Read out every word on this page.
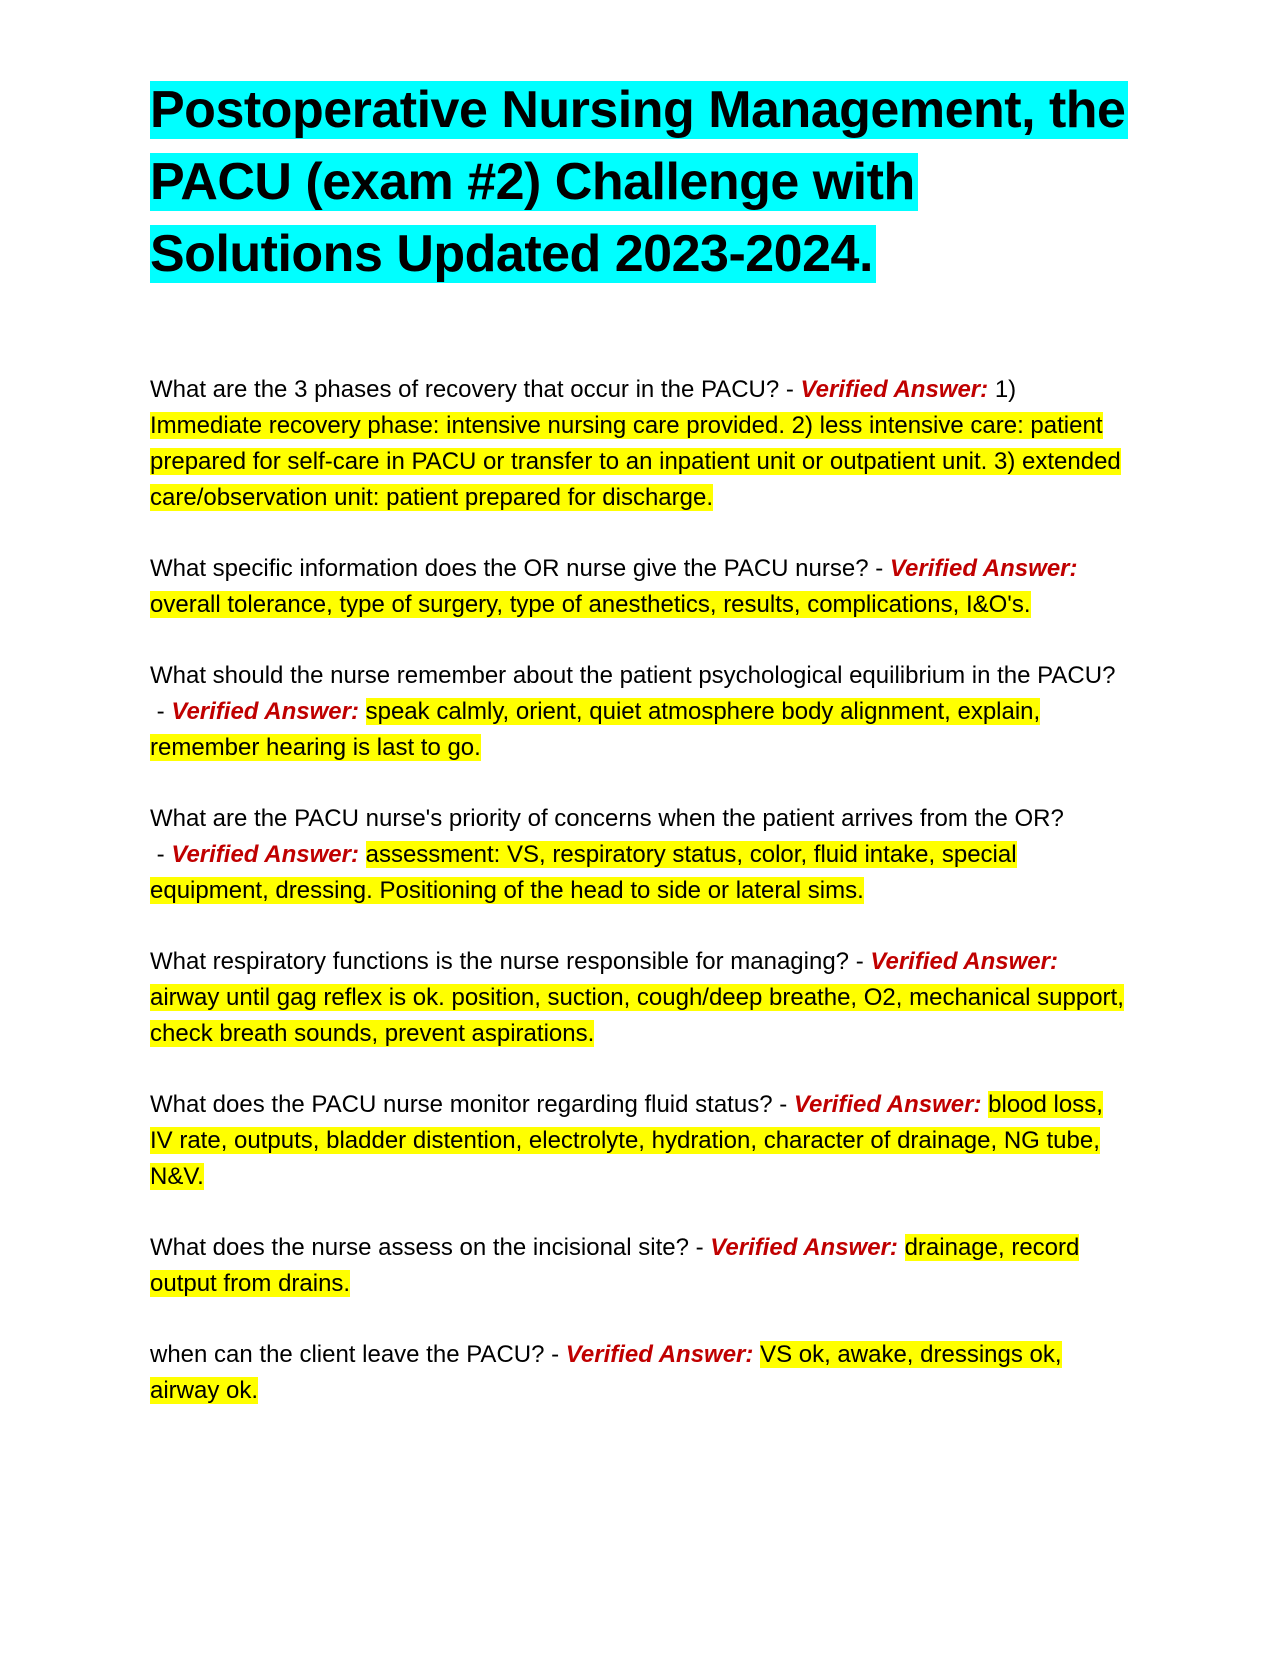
Postoperative Nursing Management, the PACU (exam #2) Challenge with Solutions Updated 2023-2024.

What are the 3 phases of recovery that occur in the PACU? - Verified Answer: 1) Immediate recovery phase: intensive nursing care provided. 2) less intensive care: patient prepared for self-care in PACU or transfer to an inpatient unit or outpatient unit. 3) extended care/observation unit: patient prepared for discharge.

What specific information does the OR nurse give the PACU nurse? - Verified Answer: overall tolerance, type of surgery, type of anesthetics, results, complications, I&O's.

What should the nurse remember about the patient psychological equilibrium in the PACU? - Verified Answer: speak calmly, orient, quiet atmosphere body alignment, explain, remember hearing is last to go.

What are the PACU nurse's priority of concerns when the patient arrives from the OR? - Verified Answer: assessment: VS, respiratory status, color, fluid intake, special equipment, dressing. Positioning of the head to side or lateral sims.

What respiratory functions is the nurse responsible for managing? - Verified Answer: airway until gag reflex is ok. position, suction, cough/deep breathe, O2, mechanical support, check breath sounds, prevent aspirations.

What does the PACU nurse monitor regarding fluid status? - Verified Answer: blood loss, IV rate, outputs, bladder distention, electrolyte, hydration, character of drainage, NG tube, N&V.

What does the nurse assess on the incisional site? - Verified Answer: drainage, record output from drains.

when can the client leave the PACU? - Verified Answer: VS ok, awake, dressings ok, airway ok.
